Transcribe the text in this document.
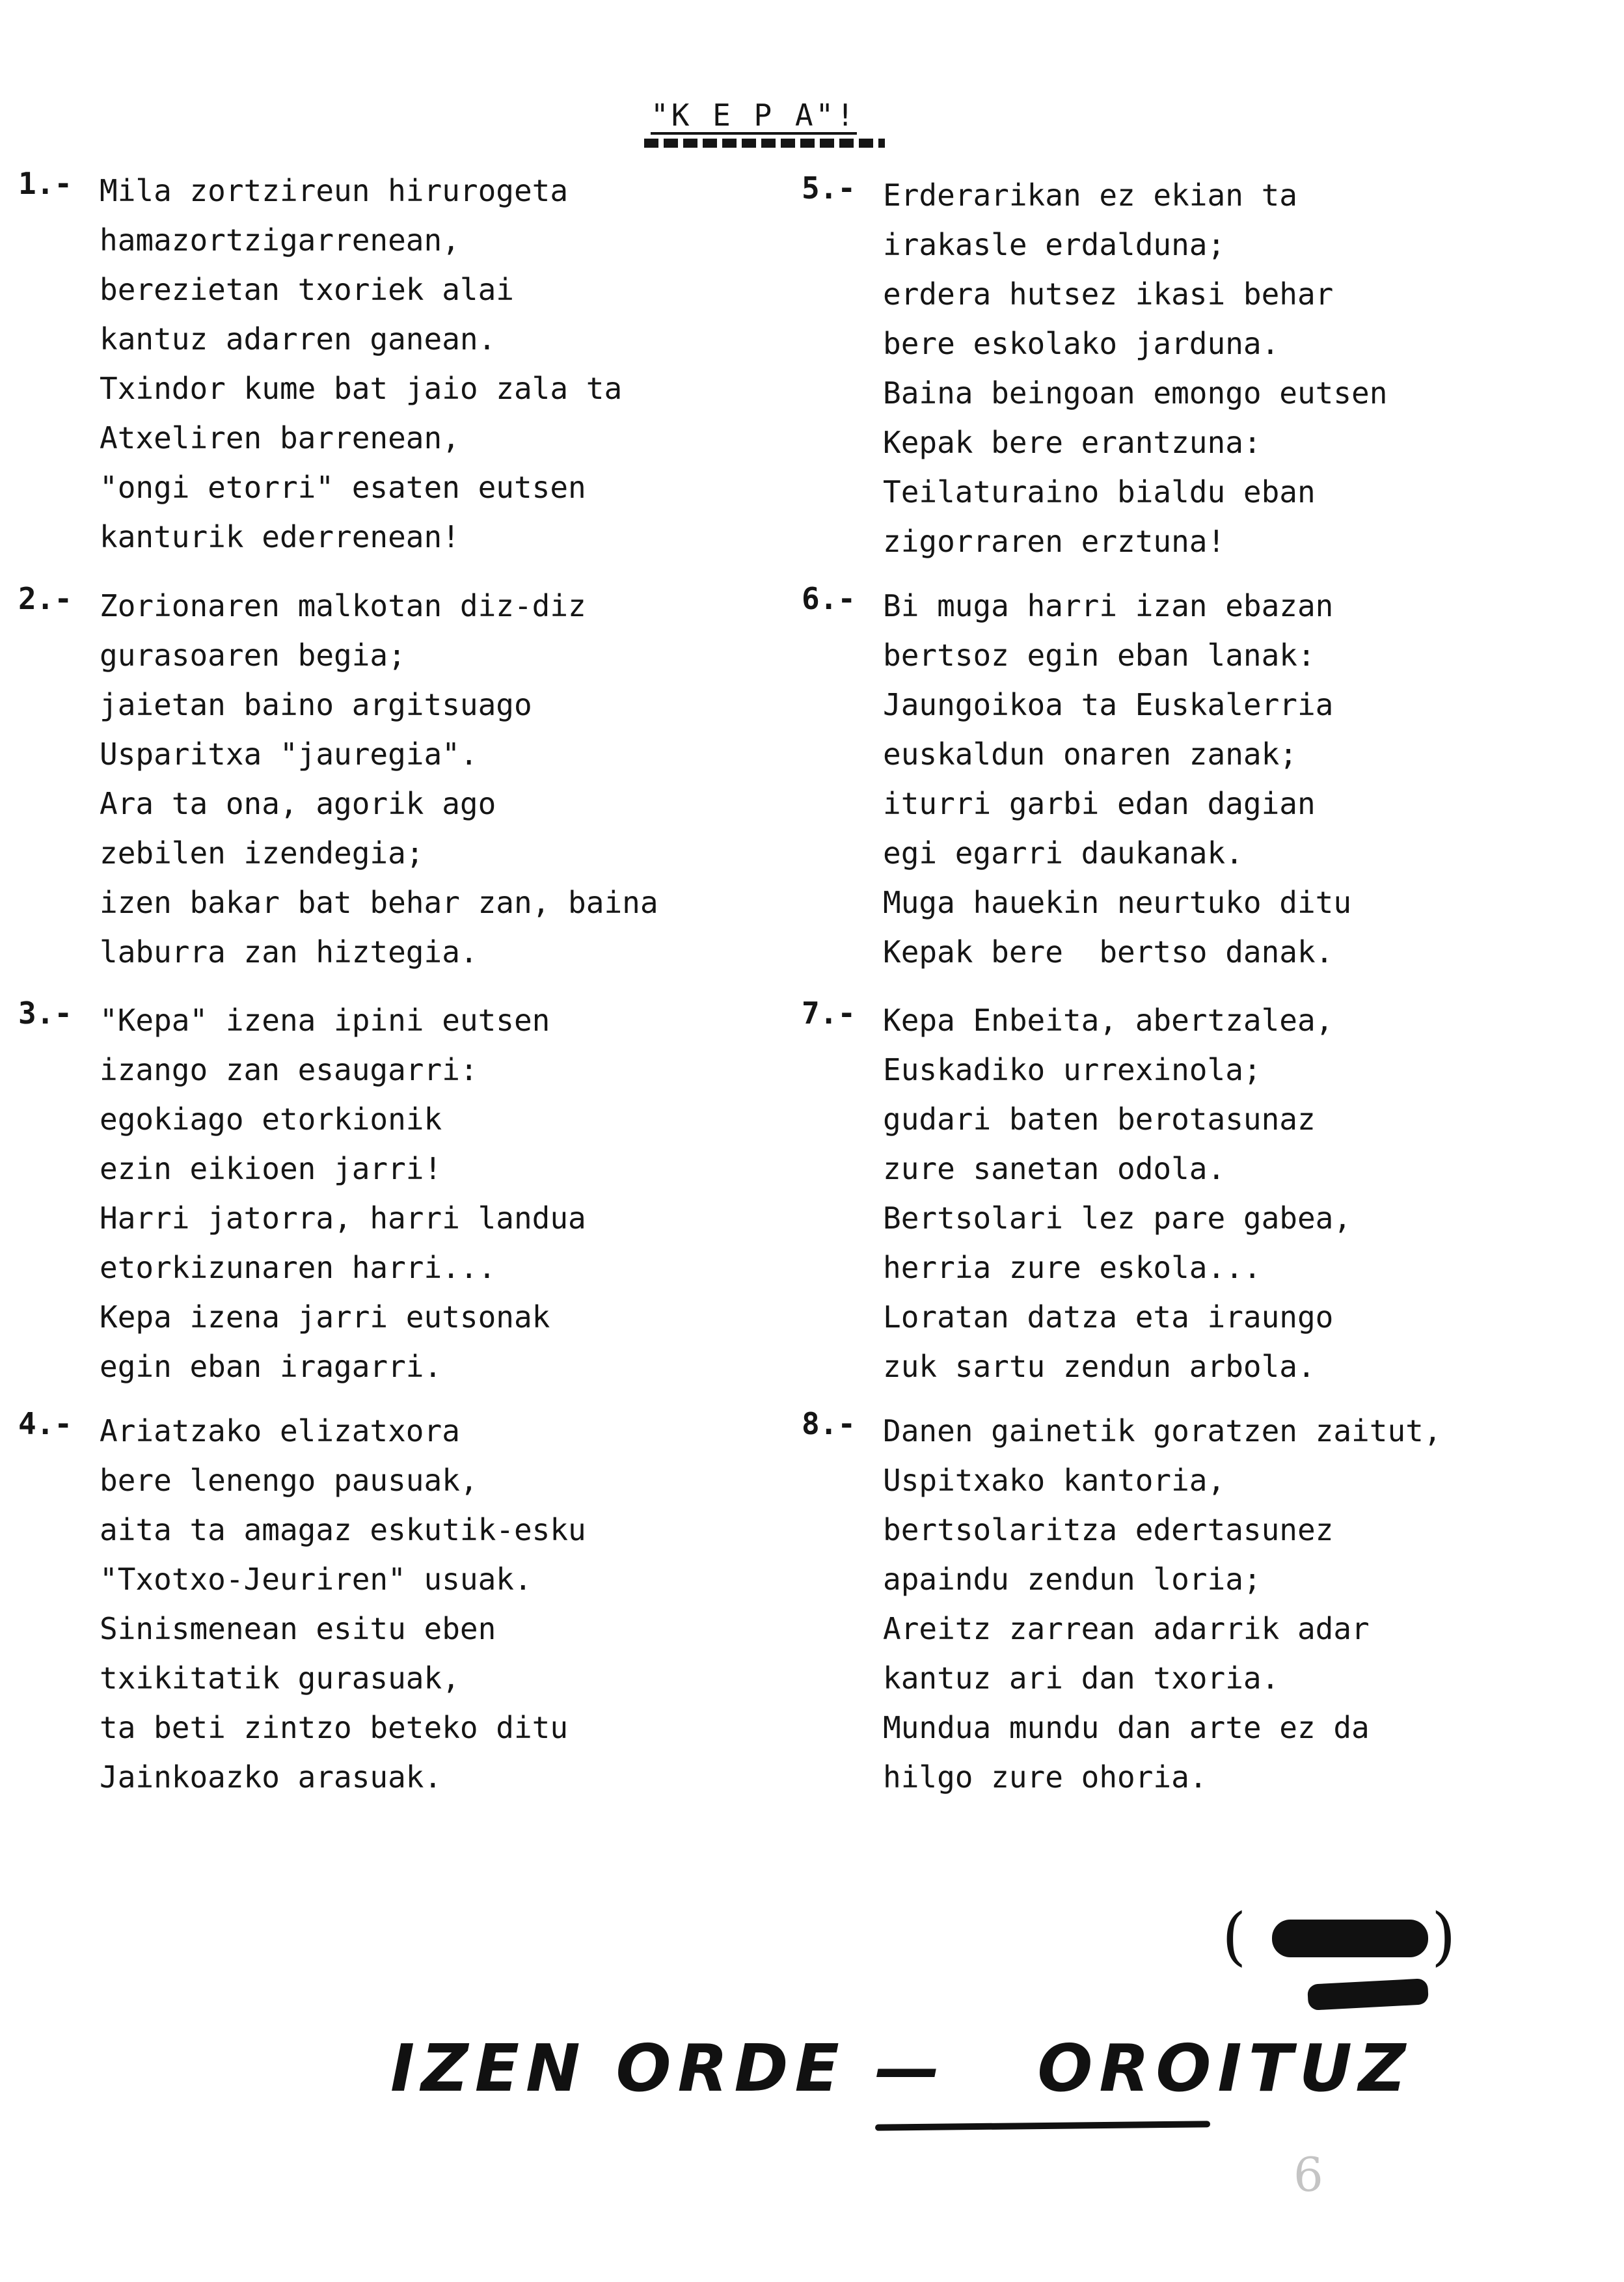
"K E P A"!
1.- Mila zortzireun hirurogeta
hamazortzigarrenean,
berezietan txoriek alai
kantuz adarren ganean.
Txindor kume bat jaio zala ta
Atxeliren barrenean,
"ongi etorri" esaten eutsen
kanturik ederrenean!
2.- Zorionaren malkotan diz-diz
gurasoaren begia;
jaietan baino argitsuago
Usparitxa "jauregia".
Ara ta ona, agorik ago
zebilen izendegia;
izen bakar bat behar zan, baina
laburra zan hiztegia.
3.- "Kepa" izena ipini eutsen
izango zan esaugarri:
egokiago etorkionik
ezin eikioen jarri!
Harri jatorra, harri landua
etorkizunaren harri...
Kepa izena jarri eutsonak
egin eban iragarri.
4.- Ariatzako elizatxora
bere lenengo pausuak,
aita ta amagaz eskutik-esku
"Txotxo-Jeuriren" usuak.
Sinismenean esitu eben
txikitatik gurasuak,
ta beti zintzo beteko ditu
Jainkoazko arasuak.
5.- Erderarikan ez ekian ta
irakasle erdalduna;
erdera hutsez ikasi behar
bere eskolako jarduna.
Baina beingoan emongo eutsen
Kepak bere erantzuna:
Teilaturaino bialdu eban
zigorraren erztuna!
6.- Bi muga harri izan ebazan
bertsoz egin eban lanak:
Jaungoikoa ta Euskalerria
euskaldun onaren zanak;
iturri garbi edan dagian
egi egarri daukanak.
Muga hauekin neurtuko ditu
Kepak bere  bertso danak.
7.- Kepa Enbeita, abertzalea,
Euskadiko urrexinola;
gudari baten berotasunaz
zure sanetan odola.
Bertsolari lez pare gabea,
herria zure eskola...
Loratan datza eta iraungo
zuk sartu zendun arbola.
8.- Danen gainetik goratzen zaitut,
Uspitxako kantoria,
bertsolaritza edertasunez
apaindu zendun loria;
Areitz zarrean adarrik adar
kantuz ari dan txoria.
Mundua mundu dan arte ez da
hilgo zure ohoria.
(	)
IZEN ORDE — OROITUZ
6
